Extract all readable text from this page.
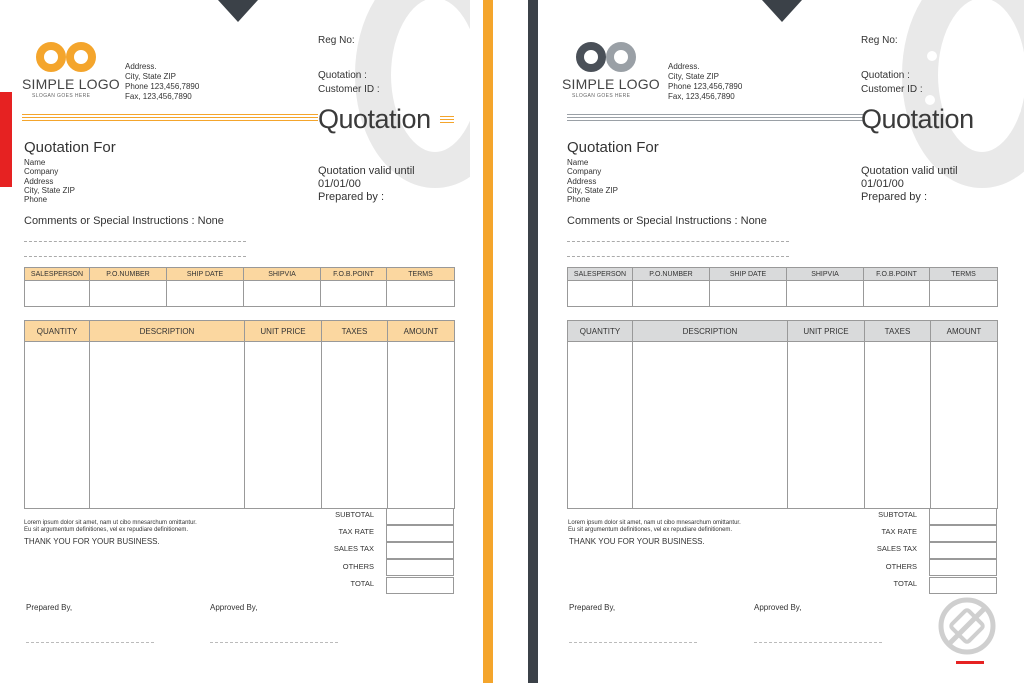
SIMPLE LOGO
SLOGAN GOES HERE
Address.
City, State ZIP
Phone 123,456,7890
Fax, 123,456,7890
Reg No:
Quotation :
Customer ID :
Quotation
Quotation For
Name
Company
Address
City, State ZIP
Phone
Quotation valid until
01/01/00
Prepared by :
Comments or Special Instructions : None
SALESPERSON	P.O.NUMBER	SHIP DATE	SHIPVIA	F.O.B.POINT	TERMS

QUANTITY	DESCRIPTION	UNIT PRICE	TAXES	AMOUNT

Lorem ipsum dolor sit amet, nam ut cibo mnesarchum omittantur.
Eu sit argumentum definitiones, vel ex repudiare definitionem.
THANK YOU FOR YOUR BUSINESS.
SUBTOTAL
TAX RATE
SALES TAX
OTHERS
TOTAL
Prepared By,	Approved By,
SIMPLE LOGO
SLOGAN GOES HERE
Address.
City, State ZIP
Phone 123,456,7890
Fax, 123,456,7890
Reg No:
Quotation :
Customer ID :
Quotation
Quotation For
Name
Company
Address
City, State ZIP
Phone
Quotation valid until
01/01/00
Prepared by :
Comments or Special Instructions : None
SALESPERSON	P.O.NUMBER	SHIP DATE	SHIPVIA	F.O.B.POINT	TERMS

QUANTITY	DESCRIPTION	UNIT PRICE	TAXES	AMOUNT

Lorem ipsum dolor sit amet, nam ut cibo mnesarchum omittantur.
Eu sit argumentum definitiones, vel ex repudiare definitionem.
THANK YOU FOR YOUR BUSINESS.
SUBTOTAL
TAX RATE
SALES TAX
OTHERS
TOTAL
Prepared By,	Approved By,
